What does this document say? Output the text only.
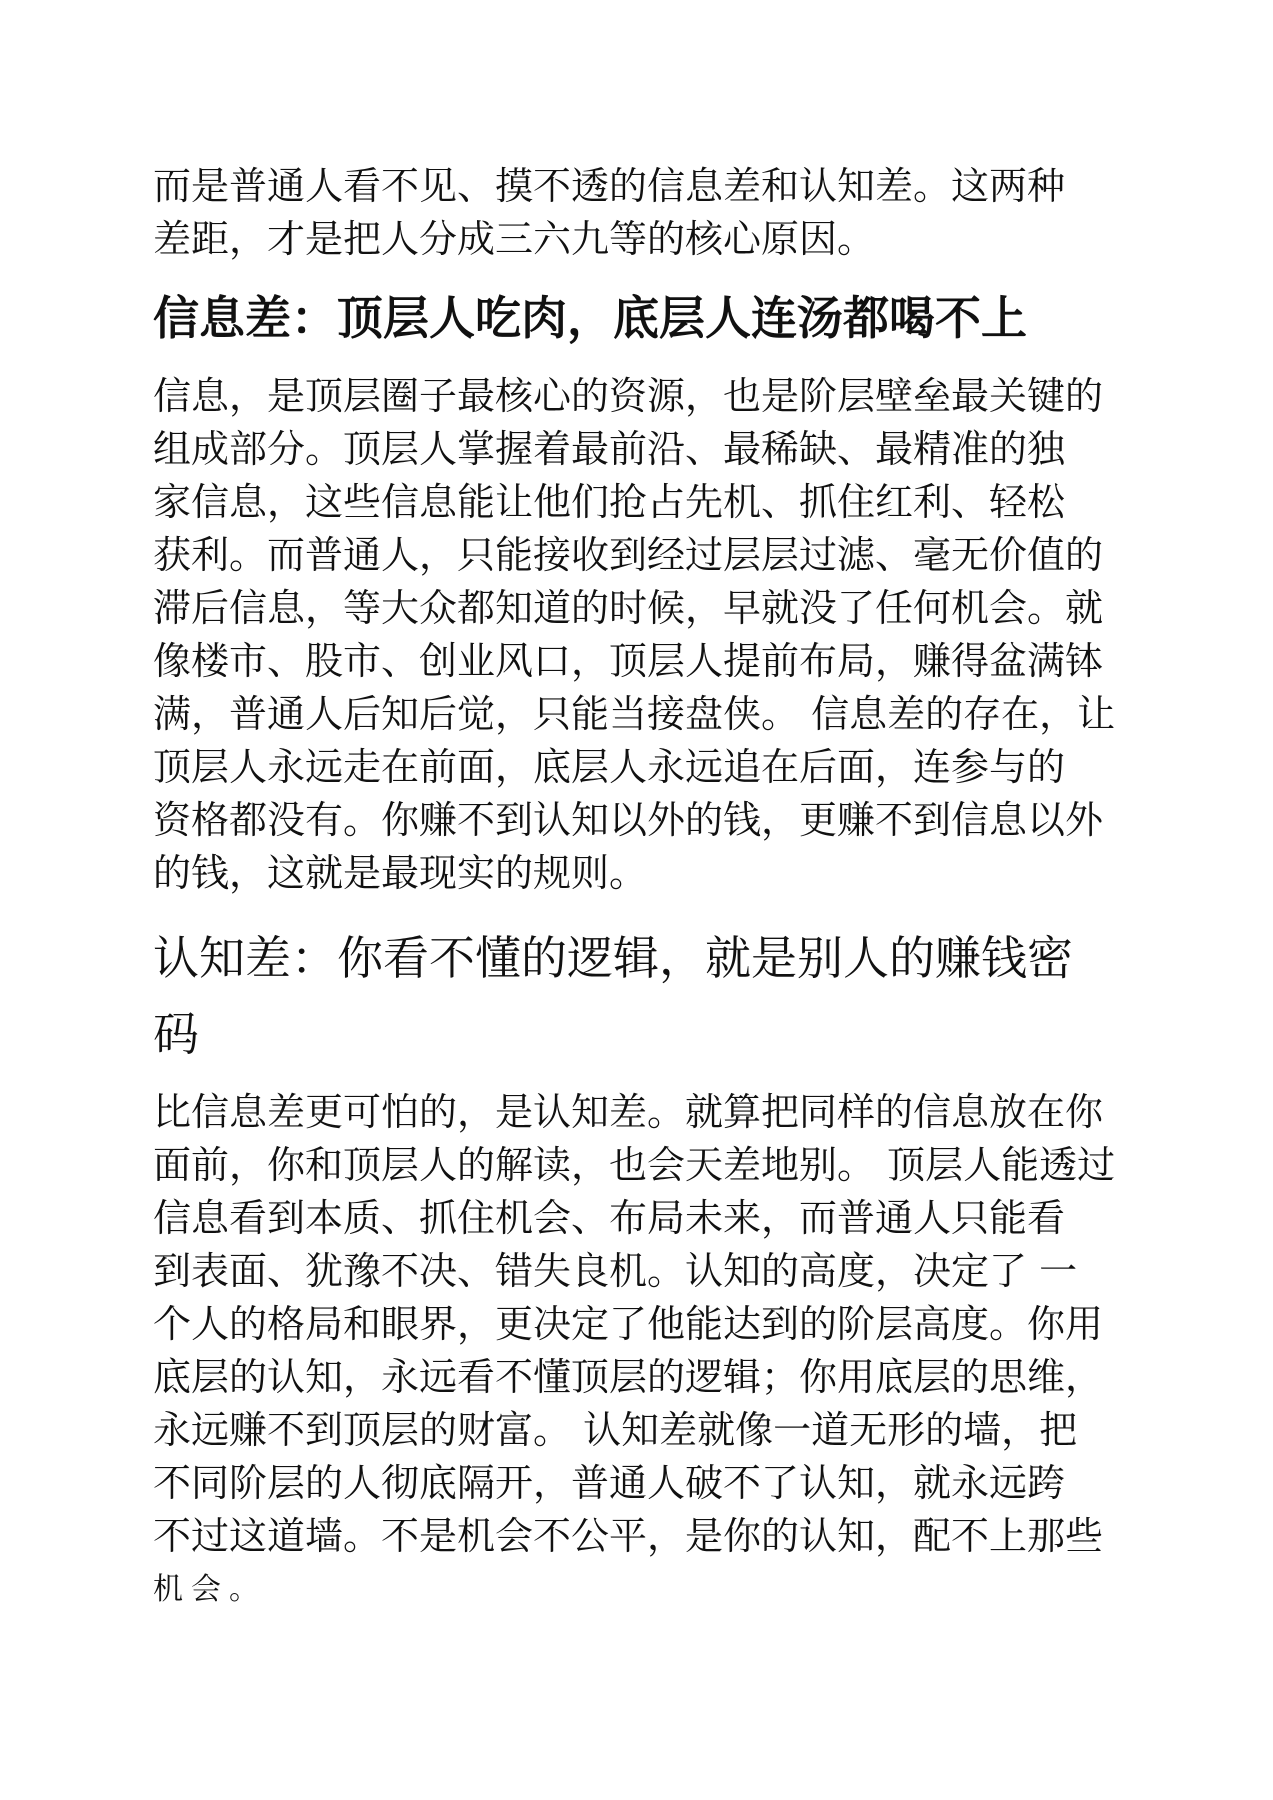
而是普通人看不见、摸不透的信息差和认知差。这两种
差距，才是把人分成三六九等的核心原因。

信息差：顶层人吃肉，底层人连汤都喝不上

信息，是顶层圈子最核心的资源，也是阶层壁垒最关键的
组成部分。顶层人掌握着最前沿、最稀缺、最精准的独
家信息，这些信息能让他们抢占先机、抓住红利、轻松
获利。而普通人，只能接收到经过层层过滤、毫无价值的
滞后信息，等大众都知道的时候，早就没了任何机会。就
像楼市、股市、创业风口，顶层人提前布局，赚得盆满钵
满，普通人后知后觉，只能当接盘侠。 信息差的存在，让
顶层人永远走在前面，底层人永远追在后面，连参与的
资格都没有。你赚不到认知以外的钱，更赚不到信息以外
的钱，这就是最现实的规则。

认知差：你看不懂的逻辑，就是别人的赚钱密
码

比信息差更可怕的，是认知差。就算把同样的信息放在你
面前，你和顶层人的解读，也会天差地别。 顶层人能透过
信息看到本质、抓住机会、布局未来，而普通人只能看
到表面、犹豫不决、错失良机。认知的高度，决定了 一
个人的格局和眼界，更决定了他能达到的阶层高度。你用
底层的认知，永远看不懂顶层的逻辑；你用底层的思维，
永远赚不到顶层的财富。 认知差就像一道无形的墙，把
不同阶层的人彻底隔开，普通人破不了认知，就永远跨
不过这道墙。不是机会不公平，是你的认知，配不上那些
机会。
